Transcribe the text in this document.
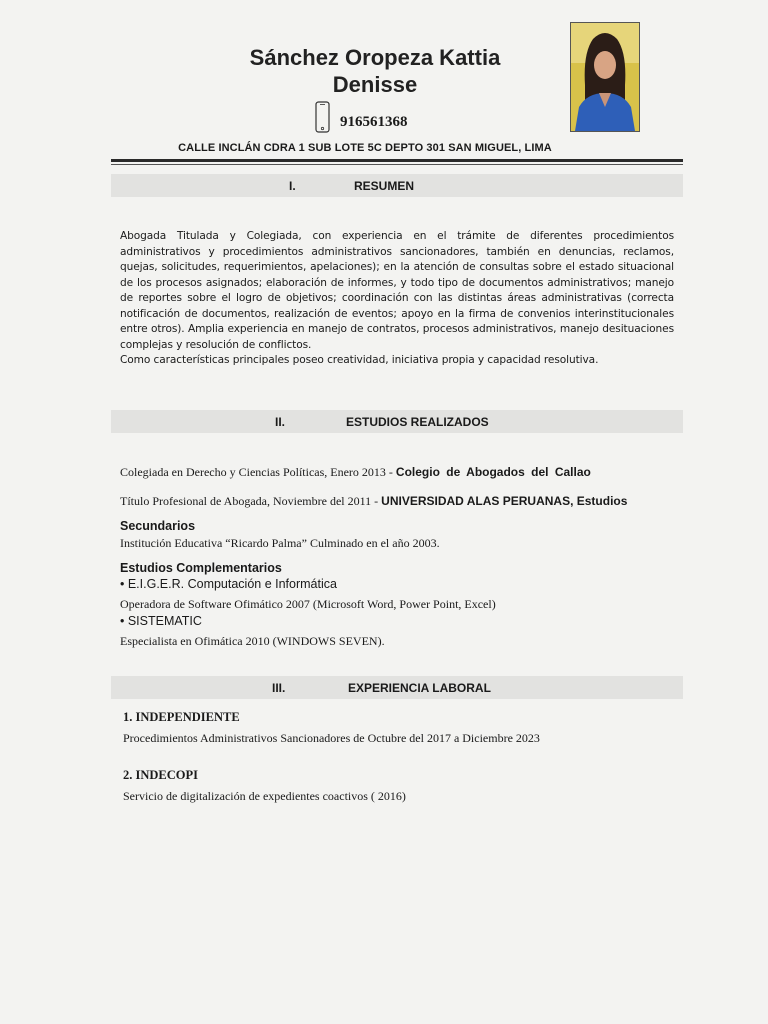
Sánchez Oropeza Kattia
Denisse
916561368
CALLE INCLÁN CDRA 1 SUB LOTE 5C DEPTO 301 SAN MIGUEL, LIMA
I.	RESUMEN

Abogada Titulada y Colegiada, con experiencia en el trámite de diferentes procedimientos administrativos y procedimientos administrativos sancionadores, también en denuncias, reclamos, quejas, solicitudes, requerimientos, apelaciones); en la atención de consultas sobre el estado situacional de los procesos asignados; elaboración de informes, y todo tipo de documentos administrativos; manejo de reportes sobre el logro de objetivos; coordinación con las distintas áreas administrativas (correcta notificación de documentos, realización de eventos; apoyo en la firma de convenios interinstitucionales entre otros). Amplia experiencia en manejo de contratos, procesos administrativos, manejo desituaciones complejas y resolución de conflictos.

Como características principales poseo creatividad, iniciativa propia y capacidad resolutiva.

II.	ESTUDIOS REALIZADOS
Colegiada en Derecho y Ciencias Políticas, Enero 2013 - Colegio de Abogados del Callao
Título Profesional de Abogada, Noviembre del 2011 - UNIVERSIDAD ALAS PERUANAS, Estudios
Secundarios
Institución Educativa “Ricardo Palma” Culminado en el año 2003.
Estudios Complementarios
• E.I.G.E.R. Computación e Informática
Operadora de Software Ofimático 2007 (Microsoft Word, Power Point, Excel)
• SISTEMATIC
Especialista en Ofimática 2010 (WINDOWS SEVEN).
III.	EXPERIENCIA LABORAL
1. INDEPENDIENTE
Procedimientos Administrativos Sancionadores de Octubre del 2017 a Diciembre 2023
2. INDECOPI
Servicio de digitalización de expedientes coactivos ( 2016)
